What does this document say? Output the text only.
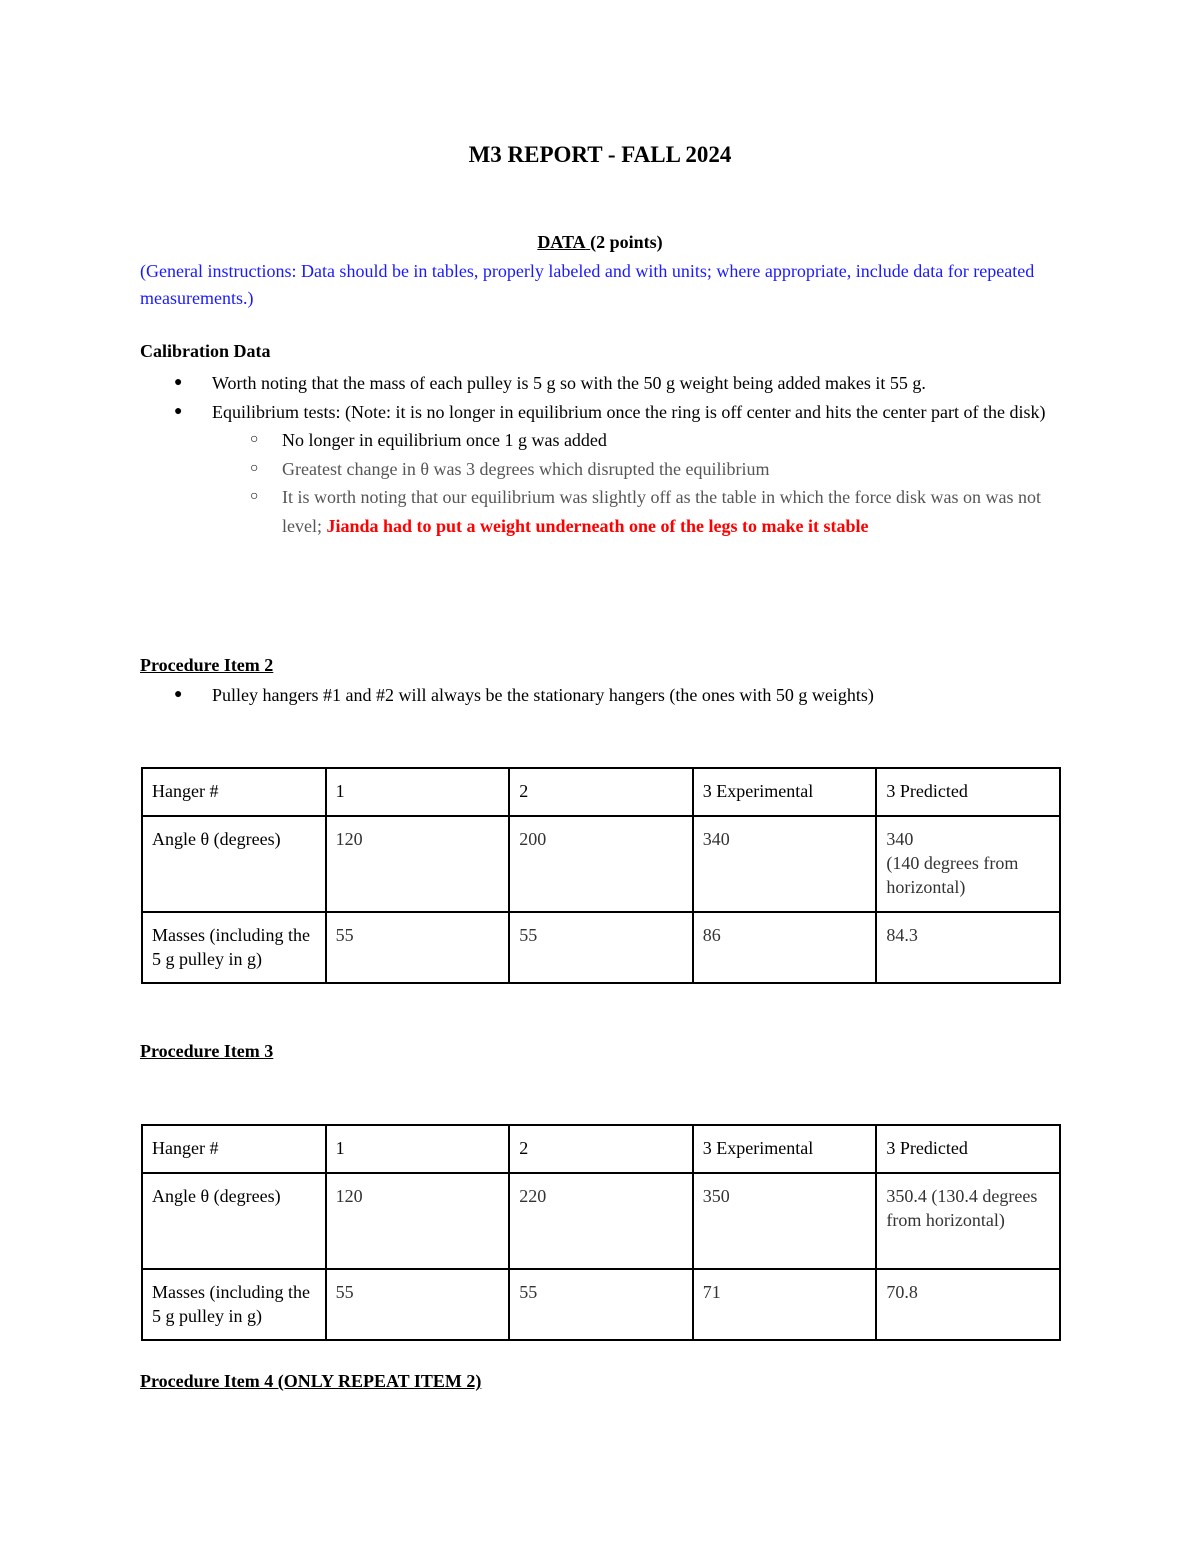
M3 REPORT - FALL 2024
DATA (2 points)

(General instructions: Data should be in tables, properly labeled and with units; where appropriate, include data for repeated measurements.)

Calibration Data
● Worth noting that the mass of each pulley is 5 g so with the 50 g weight being added makes it 55 g.
● Equilibrium tests: (Note: it is no longer in equilibrium once the ring is off center and hits the center part of the disk)
○ No longer in equilibrium once 1 g was added
○ Greatest change in θ was 3 degrees which disrupted the equilibrium
○ It is worth noting that our equilibrium was slightly off as the table in which the force disk was on was not level; Jianda had to put a weight underneath one of the legs to make it stable
Procedure Item 2
● Pulley hangers #1 and #2 will always be the stationary hangers (the ones with 50 g weights)
Hanger #	1	2	3 Experimental	3 Predicted
Angle θ (degrees)	120	200	340	340
(140 degrees from horizontal)
Masses (including the 5 g pulley in g)	55	55	86	84.3
Procedure Item 3
Hanger #	1	2	3 Experimental	3 Predicted
Angle θ (degrees)	120	220	350	350.4 (130.4 degrees from horizontal)
Masses (including the 5 g pulley in g)	55	55	71	70.8
Procedure Item 4 (ONLY REPEAT ITEM 2)
